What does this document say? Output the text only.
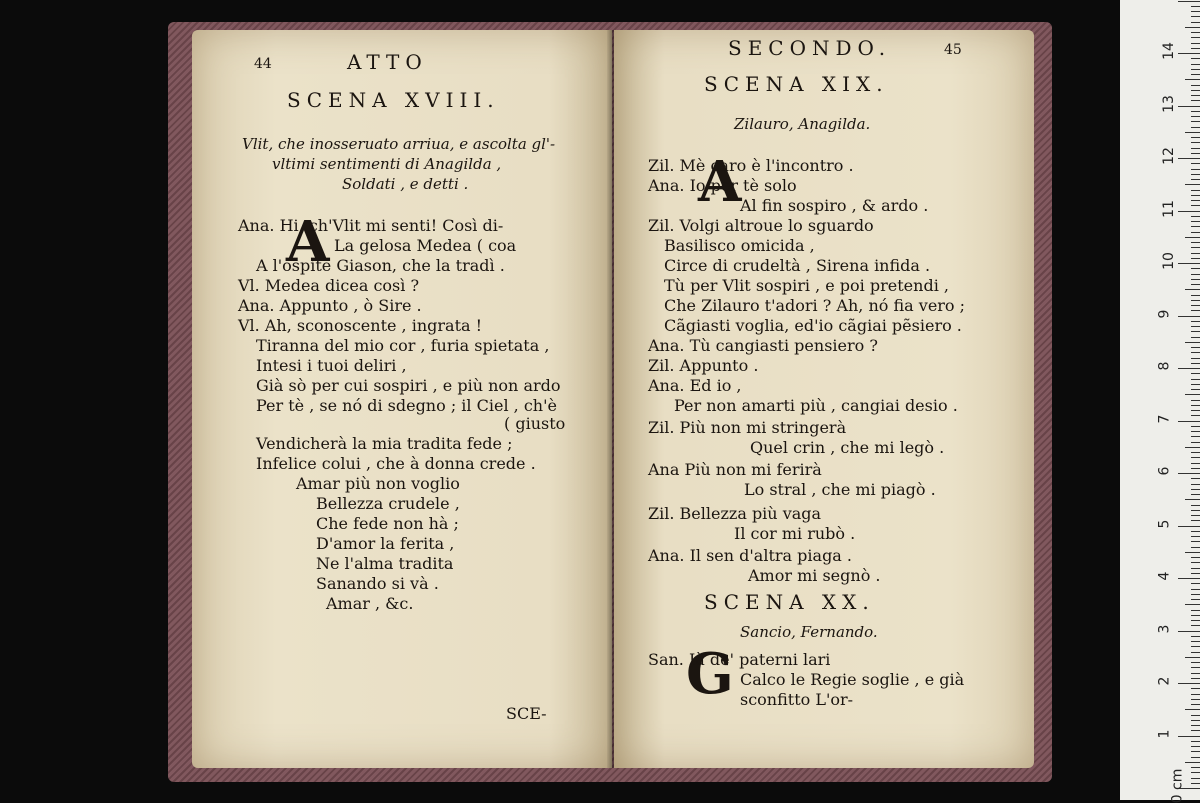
44	ATTO
SCENA XVIII.
Vlit, che inosseruato arriua, e ascolta gl'-
vltimi sentimenti di Anagilda ,
Soldati , e detti .
A
Ana. Hi, ch'Vlit mi senti! Così di-
La gelosa Medea ( coa
A l'ospite Giason, che la tradì .
Vl. Medea dicea così ?
Ana. Appunto , ò Sire .
Vl. Ah, sconoscente , ingrata !
Tiranna del mio cor , furia spietata ,
Intesi i tuoi deliri ,
Già sò per cui sospiri , e più non ardo
Per tè , se nó di sdegno ; il Ciel , ch'è
( giusto
Vendicherà la mia tradita fede ;
Infelice colui , che à donna crede .
Amar più non voglio
Bellezza crudele ,
Che fede non hà ;
D'amor la ferita ,
Ne l'alma tradita
Sanando si và .
Amar , &c.
SCE-
SECONDO.	45
SCENA XIX.
Zilauro, Anagilda.
A
Zil. Mè caro è l'incontro .
Ana. Io per tè solo
Al fin sospiro , & ardo .
Zil. Volgi altroue lo sguardo
Basilisco omicida ,
Circe di crudeltà , Sirena infida .
Tù per Vlit sospiri , e poi pretendi ,
Che Zilauro t'adori ? Ah, nó fia vero ;
Cãgiasti voglia, ed'io cãgiai pẽsiero .
Ana. Tù cangiasti pensiero ?
Zil. Appunto .
Ana. Ed io ,
Per non amarti più , cangiai desio .
Zil. Più non mi stringerà
Quel crin , che mi legò .
Ana Più non mi ferirà
Lo stral , che mi piagò .
Zil. Bellezza più vaga
Il cor mi rubò .
Ana. Il sen d'altra piaga .
Amor mi segnò .
SCENA XX.
Sancio, Fernando.
G
San. Ià de' paterni lari
Calco le Regie soglie , e già
sconfitto L'or-
0 cm
1
2
3
4
5
6
7
8
9
10
11
12
13
14
